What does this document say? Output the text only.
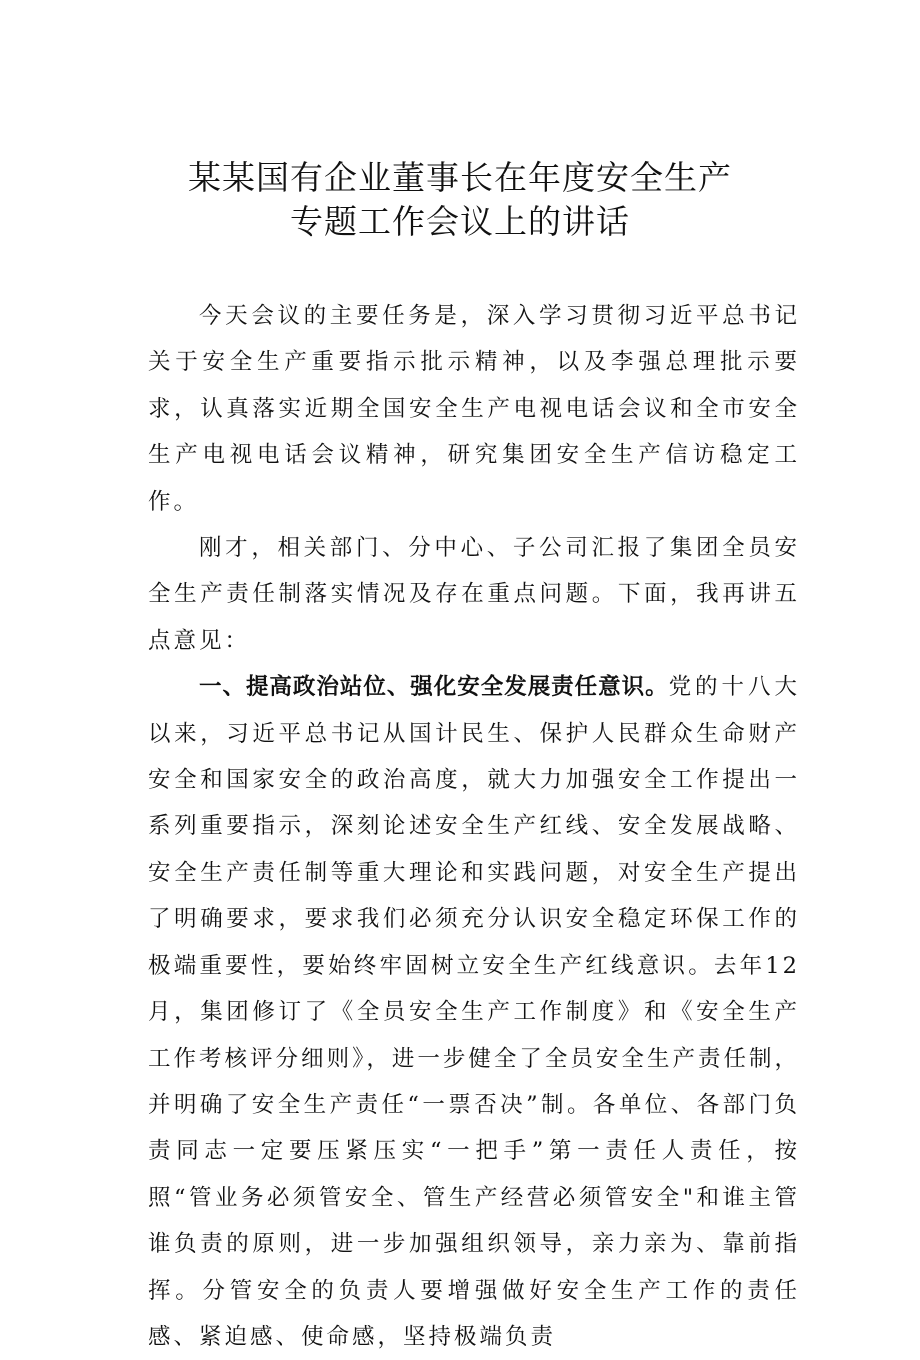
某某国有企业董事长在年度安全生产
专题工作会议上的讲话

今天会议的主要任务是，深入学习贯彻习近平总书记关于安全生产重要指示批示精神，以及李强总理批示要求，认真落实近期全国安全生产电视电话会议和全市安全生产电视电话会议精神，研究集团安全生产信访稳定工作。

刚才，相关部门、分中心、子公司汇报了集团全员安全生产责任制落实情况及存在重点问题。下面，我再讲五点意见：

一、提高政治站位、强化安全发展责任意识。党的十八大以来，习近平总书记从国计民生、保护人民群众生命财产安全和国家安全的政治高度，就大力加强安全工作提出一系列重要指示，深刻论述安全生产红线、安全发展战略、安全生产责任制等重大理论和实践问题，对安全生产提出了明确要求，要求我们必须充分认识安全稳定环保工作的极端重要性，要始终牢固树立安全生产红线意识。去年12月，集团修订了《全员安全生产工作制度》和《安全生产工作考核评分细则》，进一步健全了全员安全生产责任制，并明确了安全生产责任“一票否决”制。各单位、各部门负责同志一定要压紧压实“一把手”第一责任人责任，按照“管业务必须管安全、管生产经营必须管安全"和谁主管谁负责的原则，进一步加强组织领导，亲力亲为、靠前指挥。分管安全的负责人要增强做好安全生产工作的责任感、紧迫感、使命感，坚持极端负责
